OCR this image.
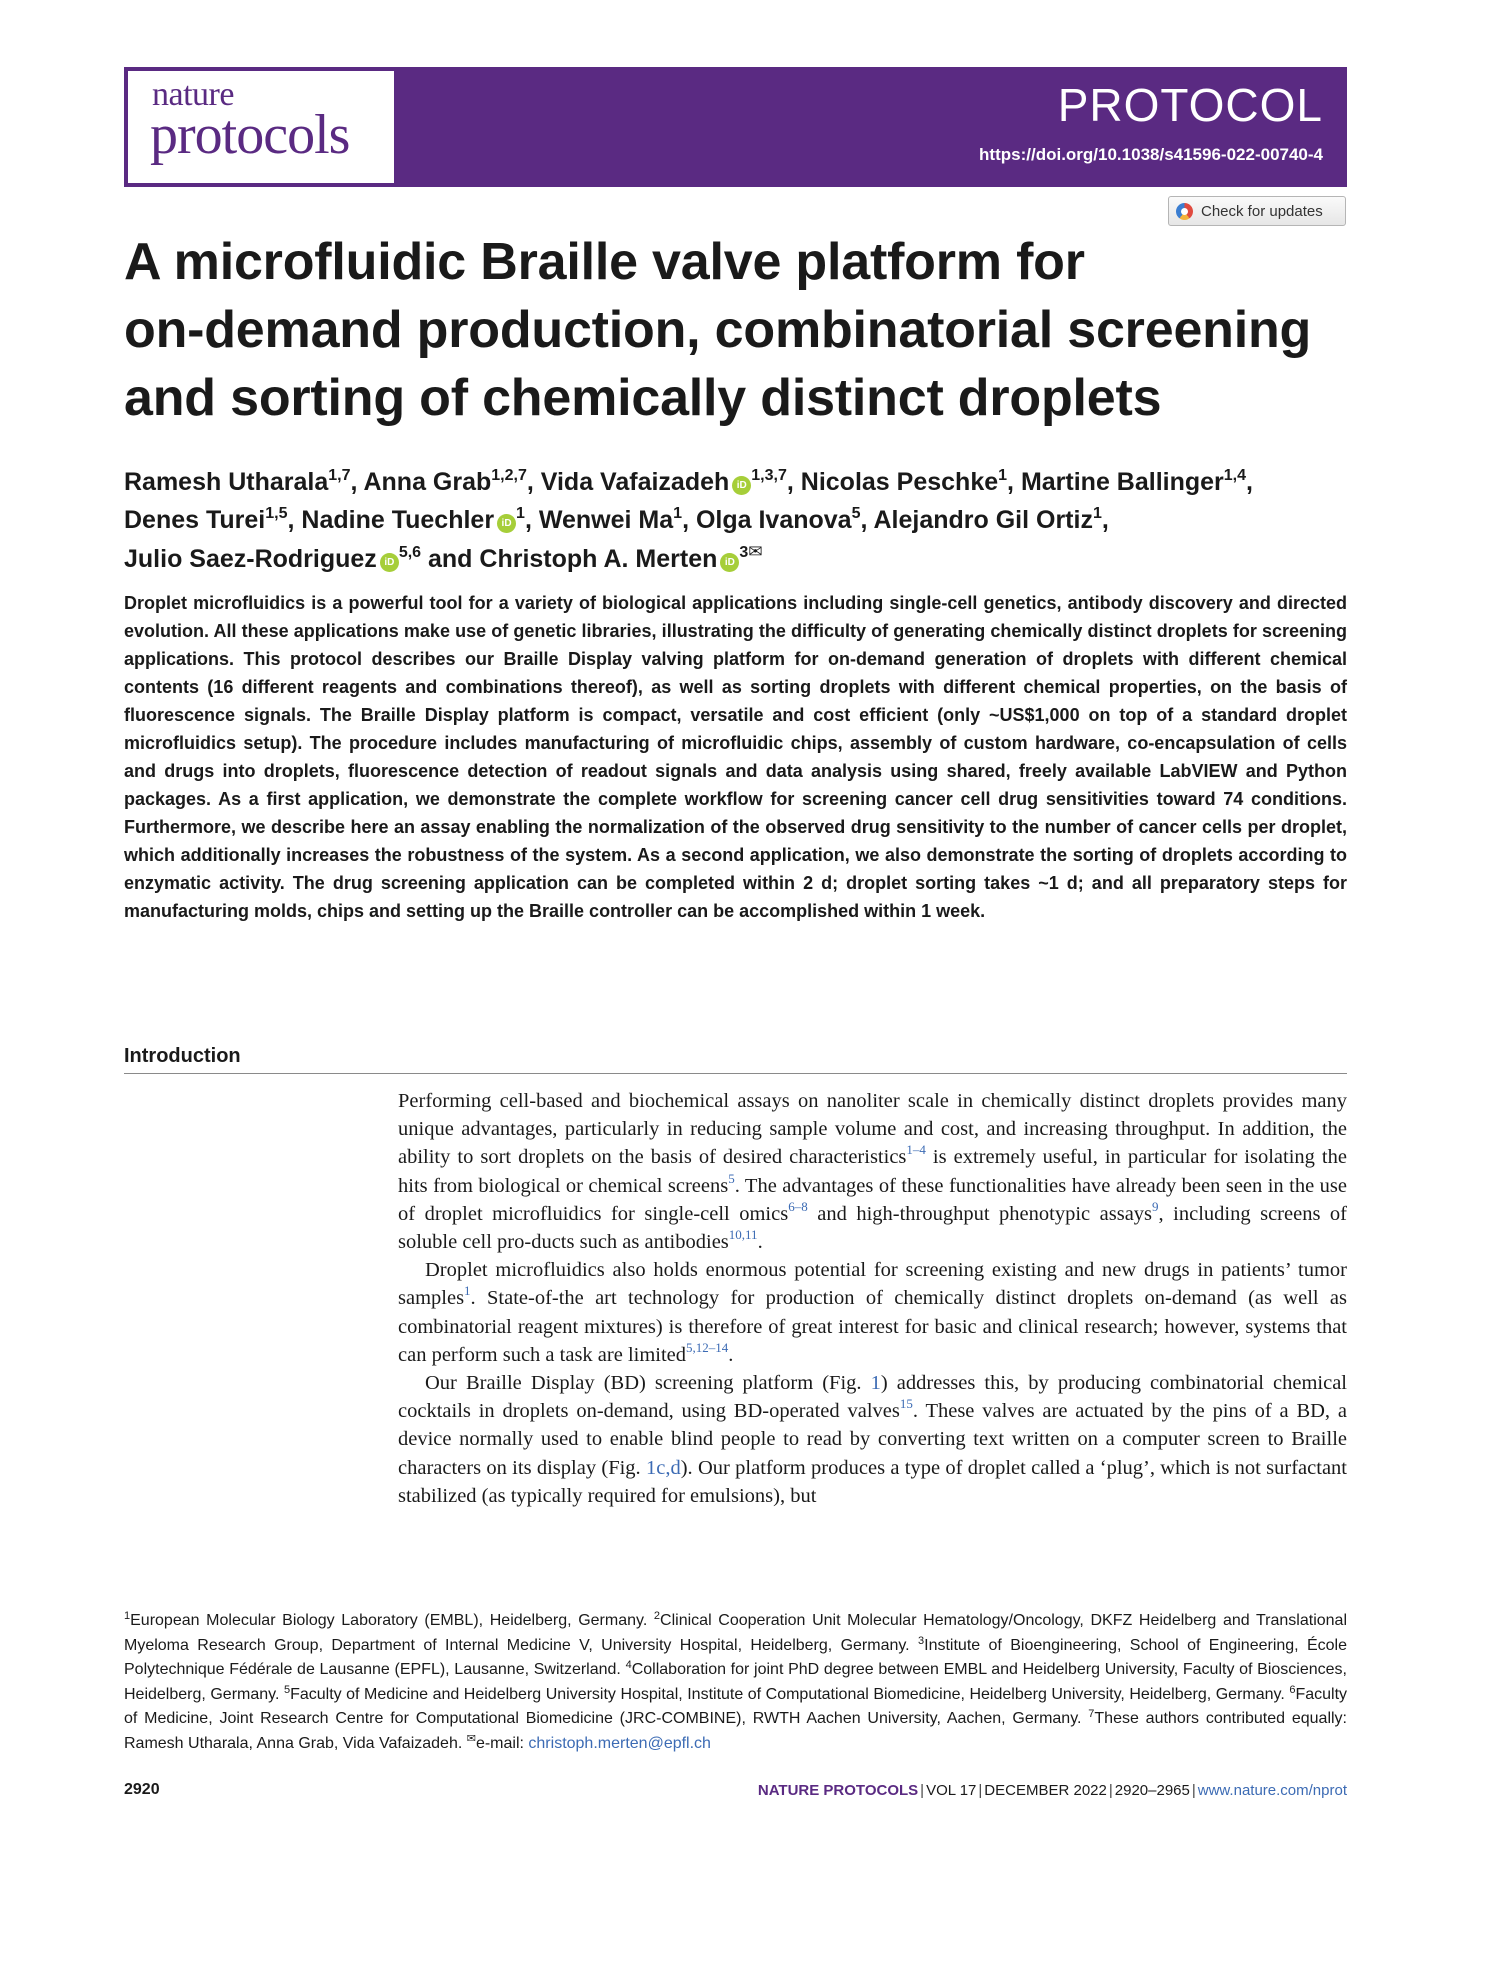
nature
protocols	PROTOCOL
https://doi.org/10.1038/s41596-022-00740-4
Check for updates
A microfluidic Braille valve platform for
on-demand production, combinatorial screening
and sorting of chemically distinct droplets
Ramesh Utharala$^{1,7}$, Anna Grab$^{1,2,7}$, Vida Vafaizadeh iD$^{1,3,7}$, Nicolas Peschke$^1$, Martine Ballinger$^{1,4}$,
Denes Turei$^{1,5}$, Nadine Tuechler iD$^1$, Wenwei Ma$^1$, Olga Ivanova$^5$, Alejandro Gil Ortiz$^1$,
Julio Saez-Rodriguez iD$^{5,6}$ and Christoph A. Merten iD$^{3✉}$
Droplet microfluidics is a powerful tool for a variety of biological applications including single-cell genetics, antibody discovery and directed evolution. All these applications make use of genetic libraries, illustrating the difficulty of generating chemically distinct droplets for screening applications. This protocol describes our Braille Display valving platform for on-demand generation of droplets with different chemical contents (16 different reagents and combinations thereof), as well as sorting droplets with different chemical properties, on the basis of fluorescence signals. The Braille Display platform is compact, versatile and cost efficient (only ~US$1,000 on top of a standard droplet microfluidics setup). The procedure includes manufacturing of microfluidic chips, assembly of custom hardware, co-encapsulation of cells and drugs into droplets, fluorescence detection of readout signals and data analysis using shared, freely available LabVIEW and Python packages. As a first application, we demonstrate the complete workflow for screening cancer cell drug sensitivities toward 74 conditions. Furthermore, we describe here an assay enabling the normalization of the observed drug sensitivity to the number of cancer cells per droplet, which additionally increases the robustness of the system. As a second application, we also demonstrate the sorting of droplets according to enzymatic activity. The drug screening application can be completed within 2 d; droplet sorting takes ~1 d; and all preparatory steps for manufacturing molds, chips and setting up the Braille controller can be accomplished within 1 week.
Introduction

Performing cell-based and biochemical assays on nanoliter scale in chemically distinct droplets provides many unique advantages, particularly in reducing sample volume and cost, and increasing throughput. In addition, the ability to sort droplets on the basis of desired characteristics$^{1-4}$ is extremely useful, in particular for isolating the hits from biological or chemical screens$^5$. The advantages of these functionalities have already been seen in the use of droplet microfluidics for single-cell omics$^{6-8}$ and high-throughput phenotypic assays$^9$, including screens of soluble cell pro-ducts such as antibodies$^{10,11}$.

Droplet microfluidics also holds enormous potential for screening existing and new drugs in patients’ tumor samples$^1$. State-of-the art technology for production of chemically distinct droplets on-demand (as well as combinatorial reagent mixtures) is therefore of great interest for basic and clinical research; however, systems that can perform such a task are limited$^{5,12-14}$.

Our Braille Display (BD) screening platform (Fig. 1) addresses this, by producing combinatorial chemical cocktails in droplets on-demand, using BD-operated valves$^{15}$. These valves are actuated by the pins of a BD, a device normally used to enable blind people to read by converting text written on a computer screen to Braille characters on its display (Fig. 1c,d). Our platform produces a type of droplet called a ‘plug’, which is not surfactant stabilized (as typically required for emulsions), but

$^1$European Molecular Biology Laboratory (EMBL), Heidelberg, Germany. $^2$Clinical Cooperation Unit Molecular Hematology/Oncology, DKFZ Heidelberg and Translational Myeloma Research Group, Department of Internal Medicine V, University Hospital, Heidelberg, Germany. $^3$Institute of Bioengineering, School of Engineering, École Polytechnique Fédérale de Lausanne (EPFL), Lausanne, Switzerland. $^4$Collaboration for joint PhD degree between EMBL and Heidelberg University, Faculty of Biosciences, Heidelberg, Germany. $^5$Faculty of Medicine and Heidelberg University Hospital, Institute of Computational Biomedicine, Heidelberg University, Heidelberg, Germany. $^6$Faculty of Medicine, Joint Research Centre for Computational Biomedicine (JRC-COMBINE), RWTH Aachen University, Aachen, Germany. $^7$These authors contributed equally: Ramesh Utharala, Anna Grab, Vida Vafaizadeh. ✉e-mail: christoph.merten@epfl.ch
2920	NATURE PROTOCOLS | VOL 17 | DECEMBER 2022 | 2920–2965 | www.nature.com/nprot
